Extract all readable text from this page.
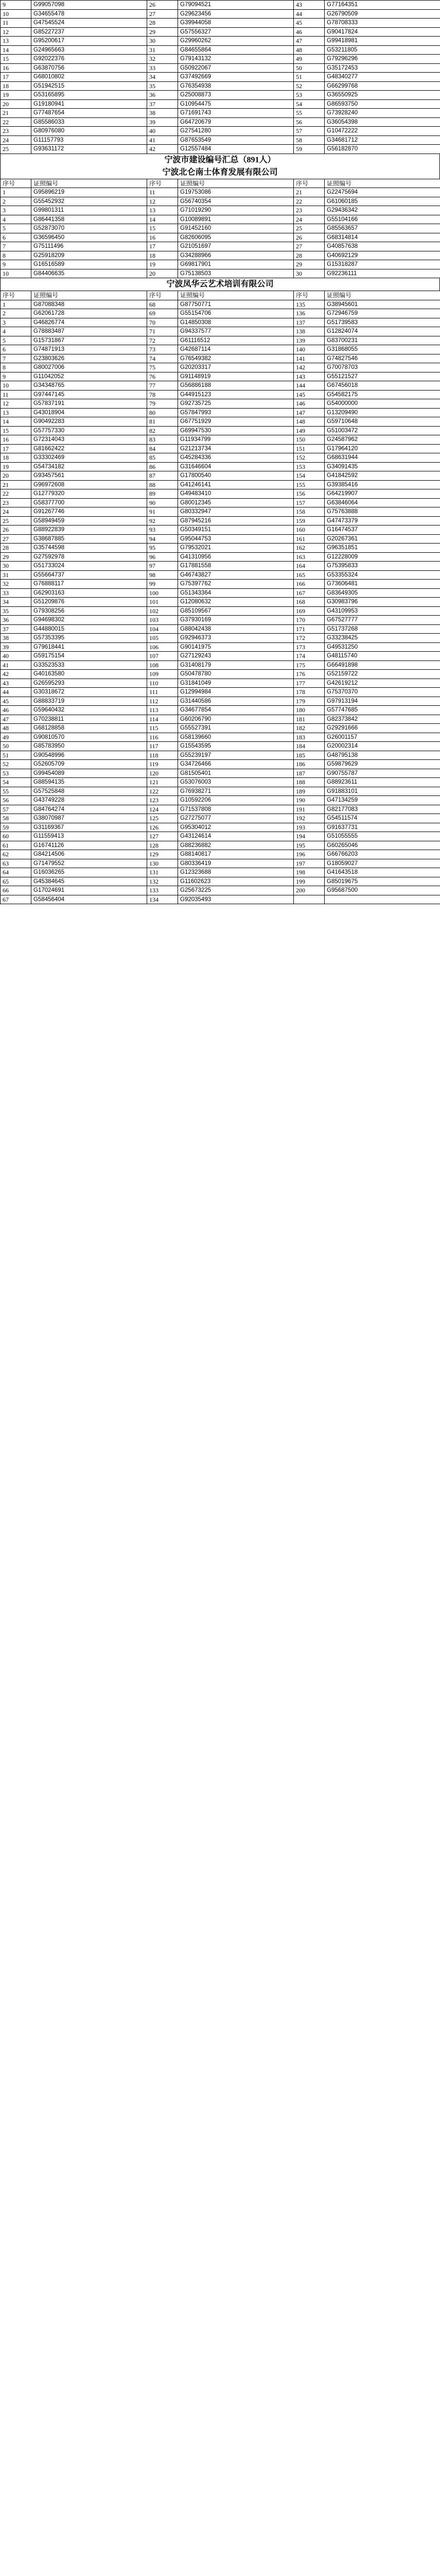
9	G99057098	26	G79094521	43	G77164351
10	G34655478	27	G29623456	44	G26790509
11	G47545524	28	G39944058	45	G78708333
12	G85227237	29	G57556327	46	G90417824
13	G95200617	30	G29960262	47	G99418981
14	G24965663	31	G84655864	48	G53211805
15	G92022376	32	G79143132	49	G79296296
16	G63870756	33	G50922067	50	G35172453
17	G68010802	34	G37492669	51	G48340277
18	G51942515	35	G76354938	52	G66299768
19	G53165895	36	G25008873	53	G36550925
20	G19180941	37	G10954475	54	G86593750
21	G77487654	38	G71691743	55	G73928240
22	G85586033	39	G64720679	56	G36054398
23	G80976080	40	G27541280	57	G10472222
24	G11157793	41	G87653549	58	G34681712
25	G93631172	42	G12557484	59	G56182870
宁波市建设编号汇总（891人）
宁波北仑南士体育发展有限公司
序号	证照编号	序号	证照编号	序号	证照编号
1	G95896219	11	G19753086	21	G22475694
2	G55452932	12	G56740354	22	G61060185
3	G99801311	13	G71019290	23	G29436342
4	G86441358	14	G10089891	24	G55104166
5	G52873070	15	G91452160	25	G85563657
6	G36596450	16	G82606095	26	G68314814
7	G75111496	17	G21051697	27	G40857638
8	G25918209	18	G34288966	28	G40692129
9	G16516589	19	G69817901	29	G15318287
10	G84406635	20	G75138503	30	G92236111
宁波凤华云艺术培训有限公司
序号	证照编号	序号	证照编号	序号	证照编号
1	G87088348	68	G87750771	135	G38945601
2	G62061728	69	G55154706	136	G72946759
3	G46826774	70	G14850308	137	G51739583
4	G78883487	71	G94337577	138	G12824074
5	G15731867	72	G61116512	139	G83700231
6	G74871913	73	G42687114	140	G31868055
7	G23803626	74	G76549382	141	G74827546
8	G80027006	75	G20203317	142	G70078703
9	G11042052	76	G91148919	143	G55121527
10	G34348765	77	G56886188	144	G67456018
11	G97447145	78	G44915123	145	G54582175
12	G57837191	79	G92735725	146	G54000000
13	G43018904	80	G57847993	147	G13209490
14	G90492283	81	G67751929	148	G59710648
15	G57757330	82	G69947530	149	G51003472
16	G72314043	83	G11934799	150	G24587962
17	G81662422	84	G21213734	151	G17964120
18	G33302469	85	G45284336	152	G68631944
19	G54734182	86	G31646604	153	G34091435
20	G93457561	87	G17800540	154	G41842592
21	G96972608	88	G41246141	155	G39385416
22	G12779320	89	G49483410	156	G64219907
23	G58377700	90	G80012345	157	G63846064
24	G91267746	91	G80332947	158	G75763888
25	G58949459	92	G87945216	159	G47473379
26	G88922839	93	G50349151	160	G16474537
27	G38687885	94	G95044753	161	G20267361
28	G35744598	95	G79532021	162	G96351851
29	G27592978	96	G41310956	163	G12228009
30	G51733024	97	G17881558	164	G75395833
31	G55664737	98	G46743827	165	G53355324
32	G76888117	99	G75397762	166	G73606481
33	G62903163	100	G51343364	167	G83649305
34	G51209876	101	G12080632	168	G30983796
35	G79308256	102	G85109567	169	G43109953
36	G94698302	103	G37930169	170	G67527777
37	G44880015	104	G88042438	171	G51737268
38	G57353395	105	G92946373	172	G33238425
39	G79618441	106	G90141975	173	G49531250
40	G59175154	107	G27129243	174	G48115740
41	G33523533	108	G31408179	175	G66491898
42	G40163580	109	G50478780	176	G52159722
43	G26595293	110	G31841049	177	G42619212
44	G30318672	111	G12994984	178	G75370370
45	G88833719	112	G31440586	179	G97913194
46	G59640432	113	G34677854	180	G57747685
47	G70238811	114	G60206790	181	G82373842
48	G68128858	115	G55527391	182	G29291666
49	G90810570	116	G58139660	183	G26001157
50	G85783950	117	G15543595	184	G20002314
51	G90548996	118	G55239197	185	G48795138
52	G52605709	119	G34726466	186	G59879629
53	G99454089	120	G81505401	187	G90755787
54	G88594135	121	G53076003	188	G88923611
55	G57525848	122	G76938271	189	G91883101
56	G43749228	123	G10592206	190	G47134259
57	G84764274	124	G71537808	191	G82177083
58	G38070987	125	G27275077	192	G54511574
59	G31169367	126	G95304012	193	G91637731
60	G11559413	127	G43124614	194	G51055555
61	G16741126	128	G88236882	195	G60265046
62	G84214506	129	G88140817	196	G66766203
63	G71479552	130	G80336419	197	G18059027
64	G16036265	131	G12323688	198	G41643518
65	G45384645	132	G11602623	199	G85019675
66	G17024691	133	G25673225	200	G95687500
67	G58456404	134	G92035493		
